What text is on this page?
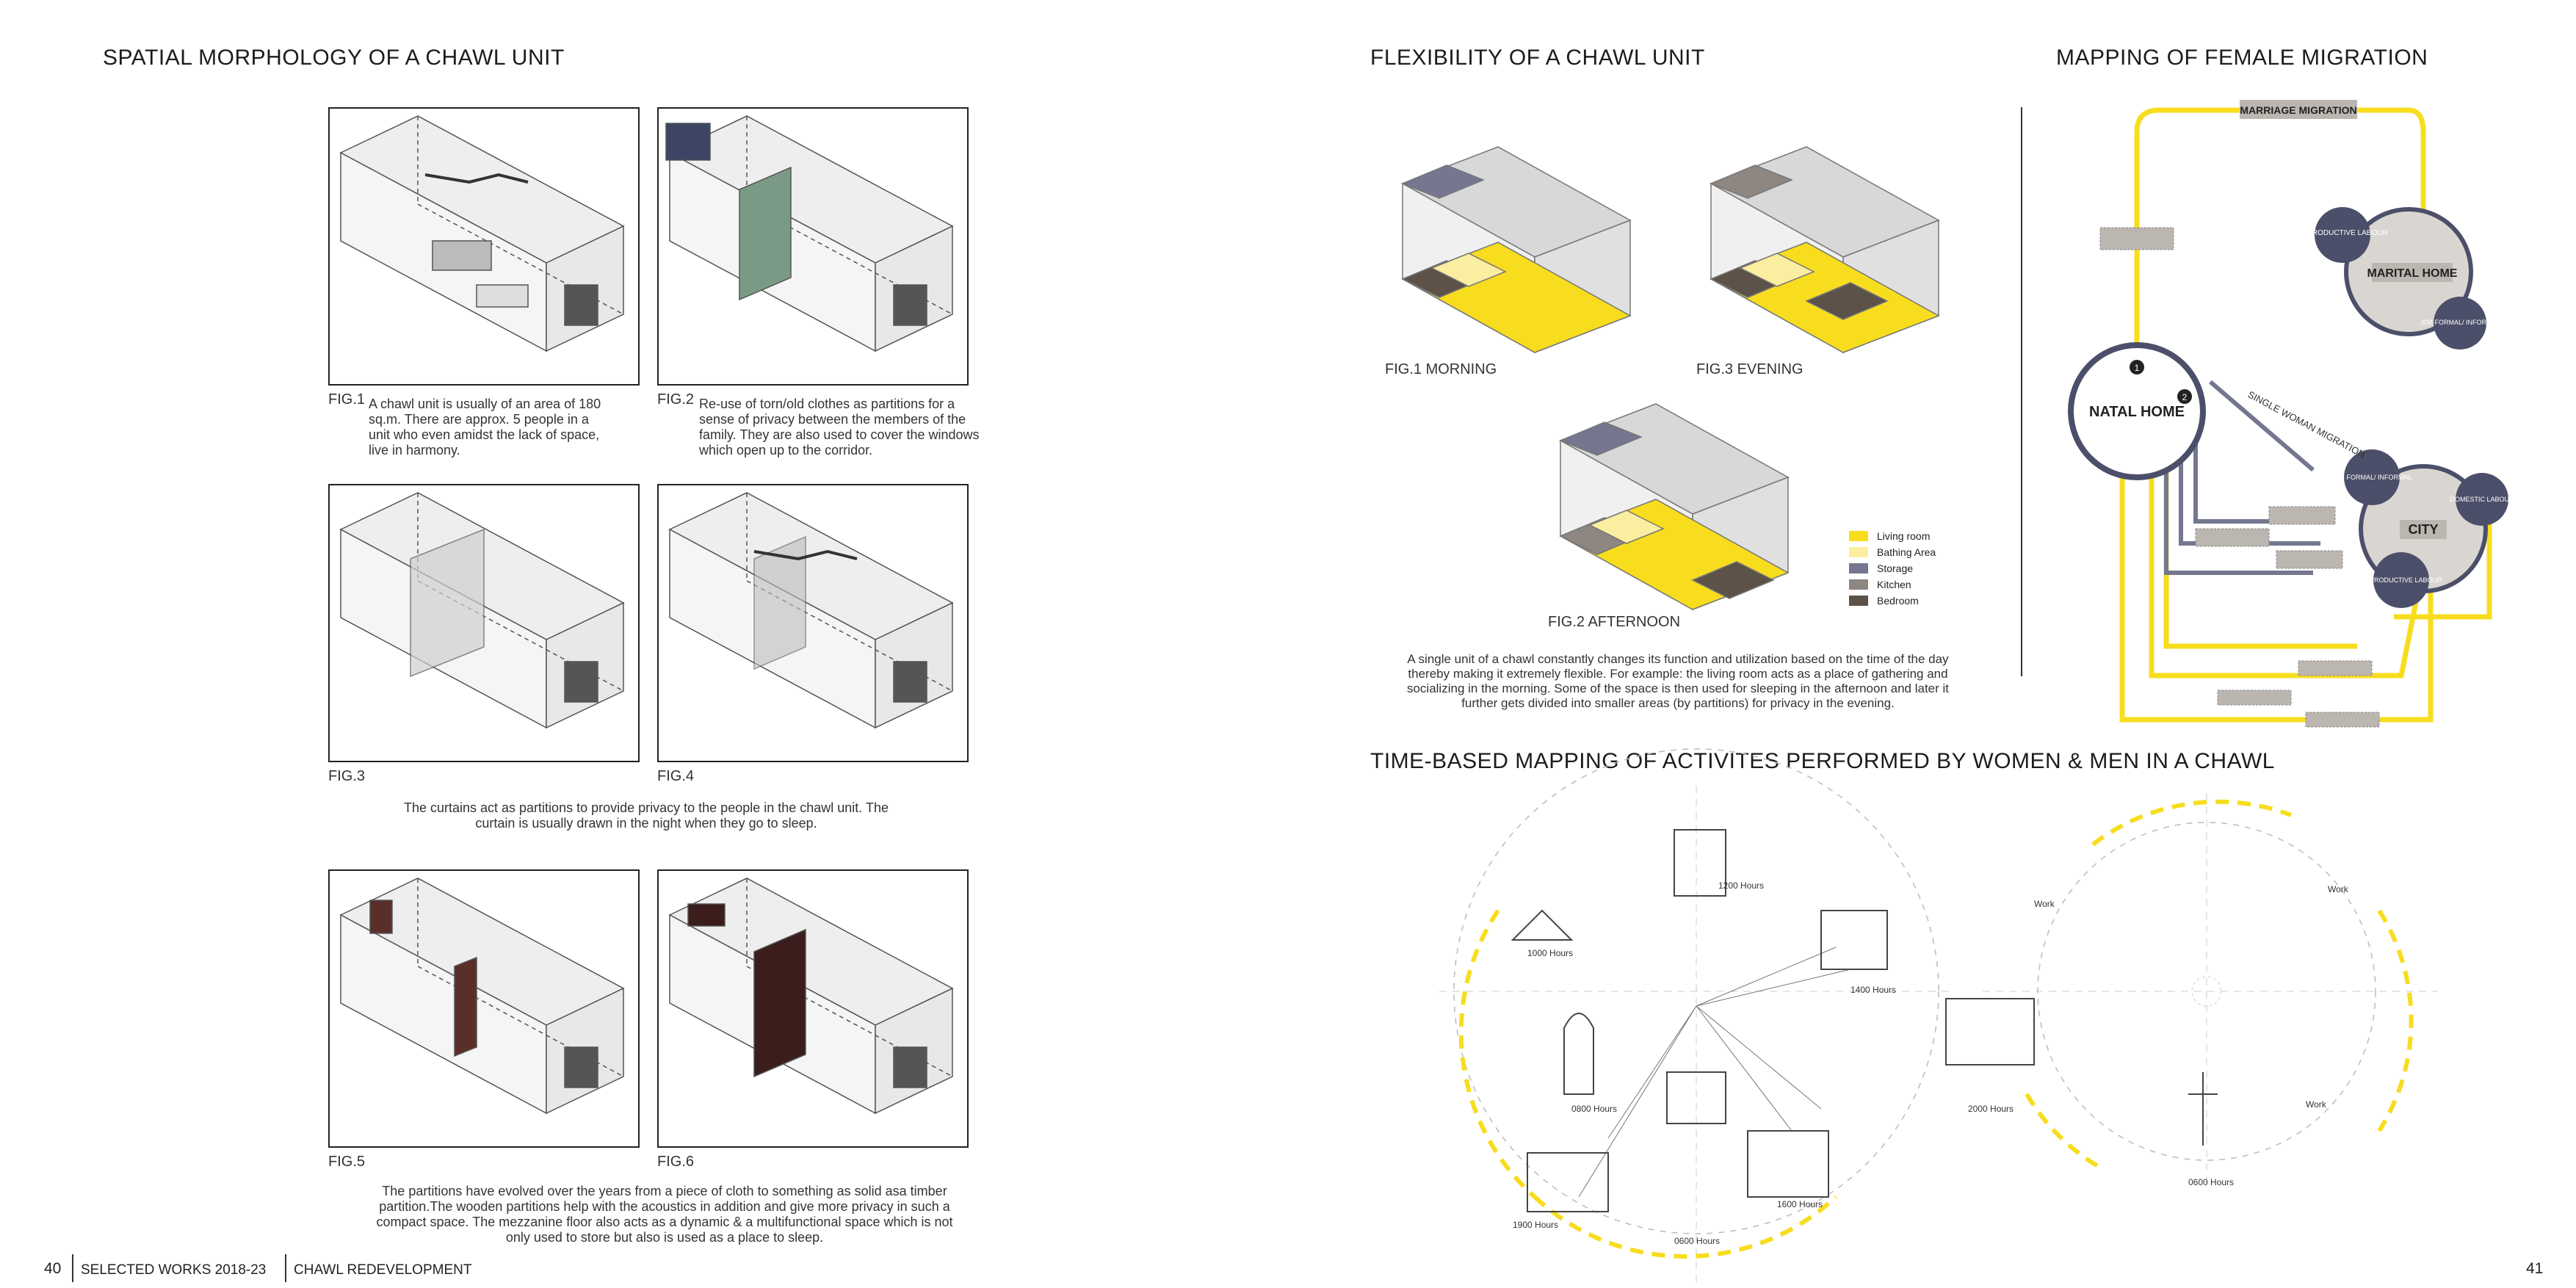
SPATIAL MORPHOLOGY OF A CHAWL UNIT
FIG.1 A chawl unit is usually of an area of 180 sq.m. There are approx. 5 people in a unit who even amidst the lack of space, live in harmony.
FIG.2 Re-use of torn/old clothes as partitions for a sense of privacy between the members of the family. They are also used to cover the windows which open up to the corridor.
FIG.3	FIG.4
The curtains act as partitions to provide privacy to the people in the chawl unit. The curtain is usually drawn in the night when they go to sleep.
FIG.5	FIG.6
The partitions have evolved over the years from a piece of cloth to something as solid asa timber partition.The wooden partitions help with the acoustics in addition and give more privacy in such a compact space. The mezzanine floor also acts as a dynamic & a multifunctional space which is not only used to store but also is used as a place to sleep.
40 SELECTED WORKS 2018-23 CHAWL REDEVELOPMENT
FLEXIBILITY OF A CHAWL UNIT
FIG.1 MORNING	FIG.3 EVENING
FIG.2 AFTERNOON
Living room
Bathing Area
Storage
Kitchen
Bedroom
A single unit of a chawl constantly changes its function and utilization based on the time of the day thereby making it extremely flexible. For example: the living room acts as a place of gathering and socializing in the morning. Some of the space is then used for sleeping in the afternoon and later it further gets divided into smaller areas (by partitions) for privacy in the evening.
MAPPING OF FEMALE MIGRATION
NATAL HOME
1
2
MARITAL HOME
REPRODUCTIVE LABOUR
JOB FORMAL/ INFORMAL
CITY
JOB FORMAL/ INFORMAL
DOMESTIC LABOUR
REPRODUCTIVE LABOUR
MARRIAGE MIGRATION
SINGLE WOMAN MIGRATION
TIME-BASED MAPPING OF ACTIVITES PERFORMED BY WOMEN & MEN IN A CHAWL
1200 Hours
1000 Hours
1400 Hours
0800 Hours
1900 Hours
1600 Hours
0600 Hours
Work
Work
Work
2000 Hours
0600 Hours
41
